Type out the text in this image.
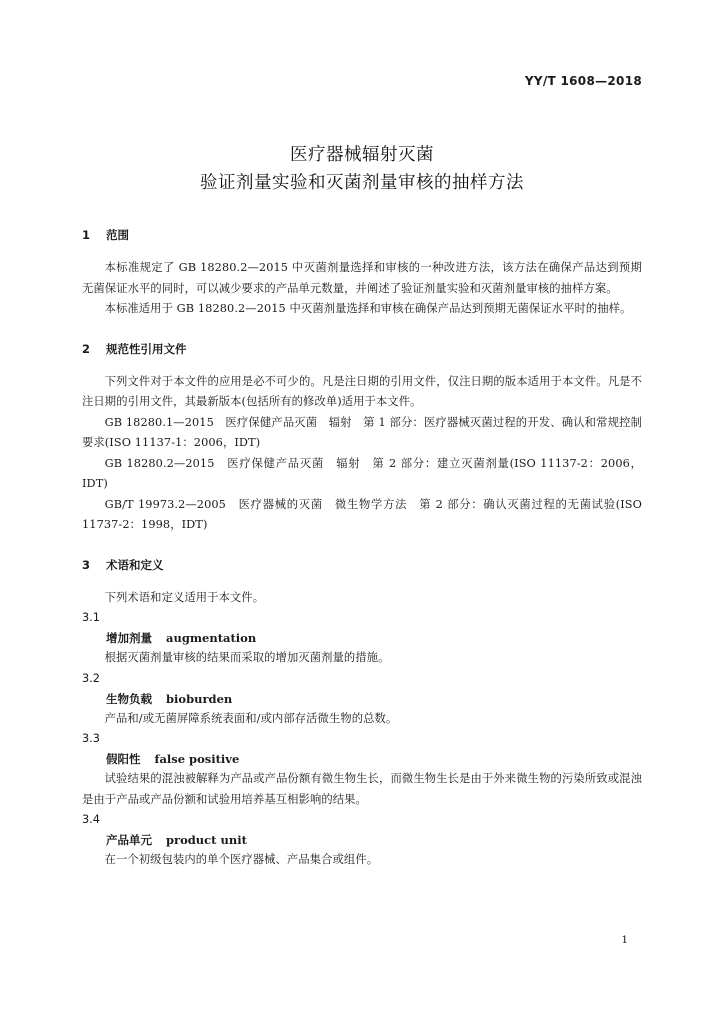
YY/T 1608—2018
医疗器械辐射灭菌
验证剂量实验和灭菌剂量审核的抽样方法
1 范围

本标准规定了 GB 18280.2—2015 中灭菌剂量选择和审核的一种改进方法，该方法在确保产品达到预期无菌保证水平的同时，可以减少要求的产品单元数量，并阐述了验证剂量实验和灭菌剂量审核的抽样方案。

本标准适用于 GB 18280.2—2015 中灭菌剂量选择和审核在确保产品达到预期无菌保证水平时的抽样。

2 规范性引用文件

下列文件对于本文件的应用是必不可少的。凡是注日期的引用文件，仅注日期的版本适用于本文件。凡是不注日期的引用文件，其最新版本(包括所有的修改单)适用于本文件。

GB 18280.1—2015　医疗保健产品灭菌　辐射　第 1 部分：医疗器械灭菌过程的开发、确认和常规控制要求(ISO 11137-1：2006，IDT)

GB 18280.2—2015　医疗保健产品灭菌　辐射　第 2 部分：建立灭菌剂量(ISO 11137-2：2006，IDT)

GB/T 19973.2—2005　医疗器械的灭菌　微生物学方法　第 2 部分：确认灭菌过程的无菌试验(ISO 11737-2：1998，IDT)

3 术语和定义

下列术语和定义适用于本文件。

3.1
增加剂量 augmentation

根据灭菌剂量审核的结果而采取的增加灭菌剂量的措施。

3.2
生物负载 bioburden

产品和/或无菌屏障系统表面和/或内部存活微生物的总数。

3.3
假阳性 false positive

试验结果的混浊被解释为产品或产品份额有微生物生长，而微生物生长是由于外来微生物的污染所致或混浊是由于产品或产品份额和试验用培养基互相影响的结果。

3.4
产品单元 product unit

在一个初级包装内的单个医疗器械、产品集合或组件。

1
